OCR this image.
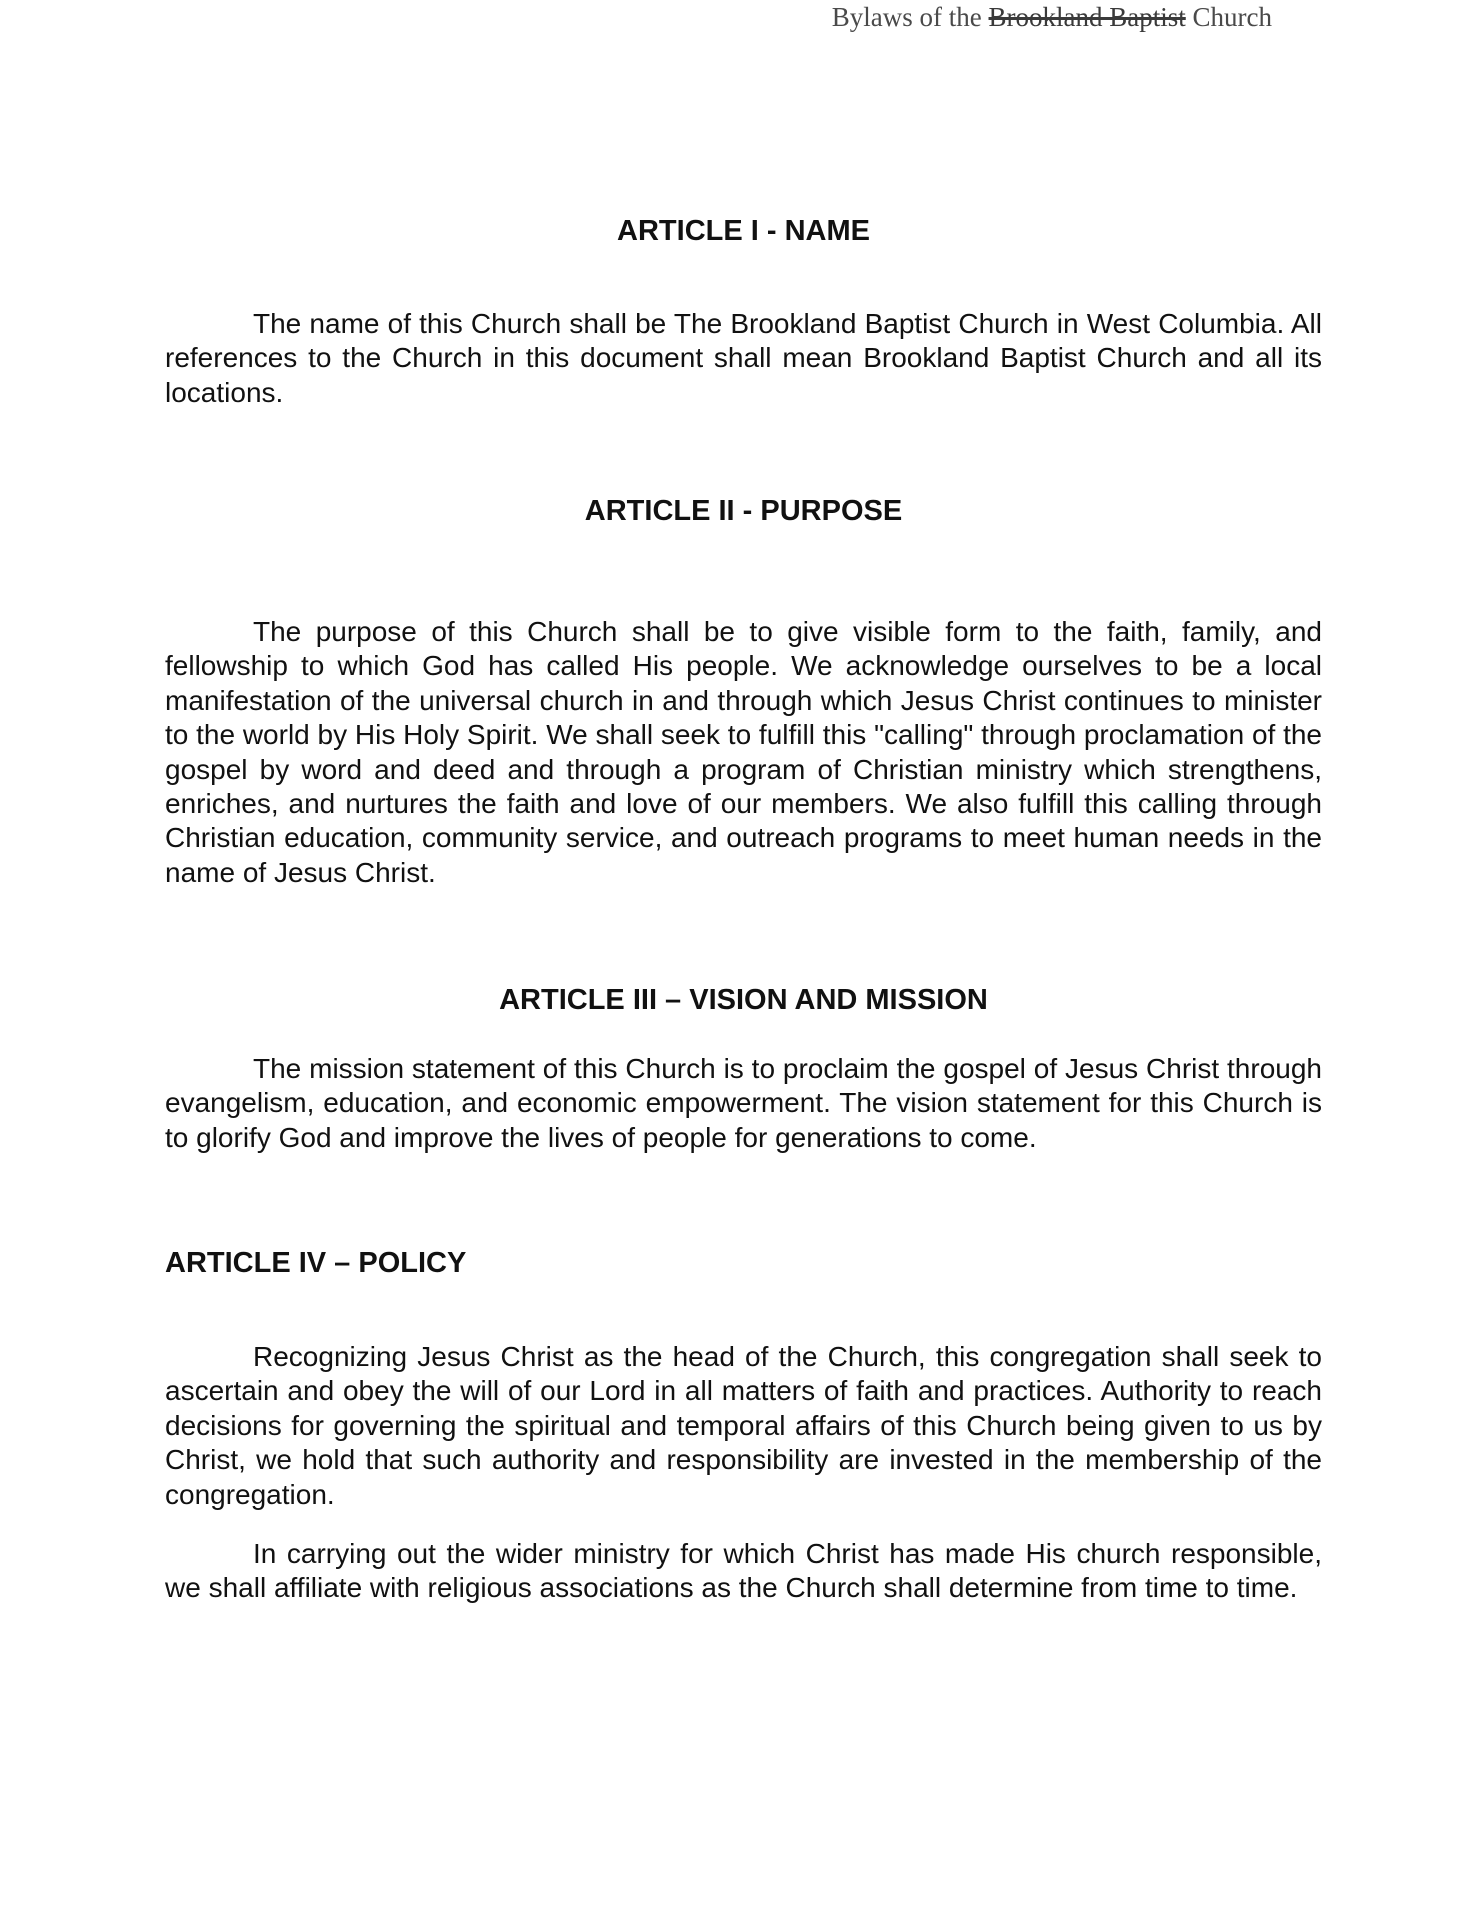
Bylaws of the Brookland Baptist Church
ARTICLE I - NAME

The name of this Church shall be The Brookland Baptist Church in West Columbia. All references to the Church in this document shall mean Brookland Baptist Church and all its locations.

ARTICLE II - PURPOSE

The purpose of this Church shall be to give visible form to the faith, family, and fellowship to which God has called His people. We acknowledge ourselves to be a local manifestation of the universal church in and through which Jesus Christ continues to minister to the world by His Holy Spirit. We shall seek to fulfill this "calling" through proclamation of the gospel by word and deed and through a program of Christian ministry which strengthens, enriches, and nurtures the faith and love of our members. We also fulfill this calling through Christian education, community service, and outreach programs to meet human needs in the name of Jesus Christ.

ARTICLE III – VISION AND MISSION

The mission statement of this Church is to proclaim the gospel of Jesus Christ through evangelism, education, and economic empowerment. The vision statement for this Church is to glorify God and improve the lives of people for generations to come.

ARTICLE IV – POLICY

Recognizing Jesus Christ as the head of the Church, this congregation shall seek to ascertain and obey the will of our Lord in all matters of faith and practices. Authority to reach decisions for governing the spiritual and temporal affairs of this Church being given to us by Christ, we hold that such authority and responsibility are invested in the membership of the congregation.

In carrying out the wider ministry for which Christ has made His church responsible, we shall affiliate with religious associations as the Church shall determine from time to time.
